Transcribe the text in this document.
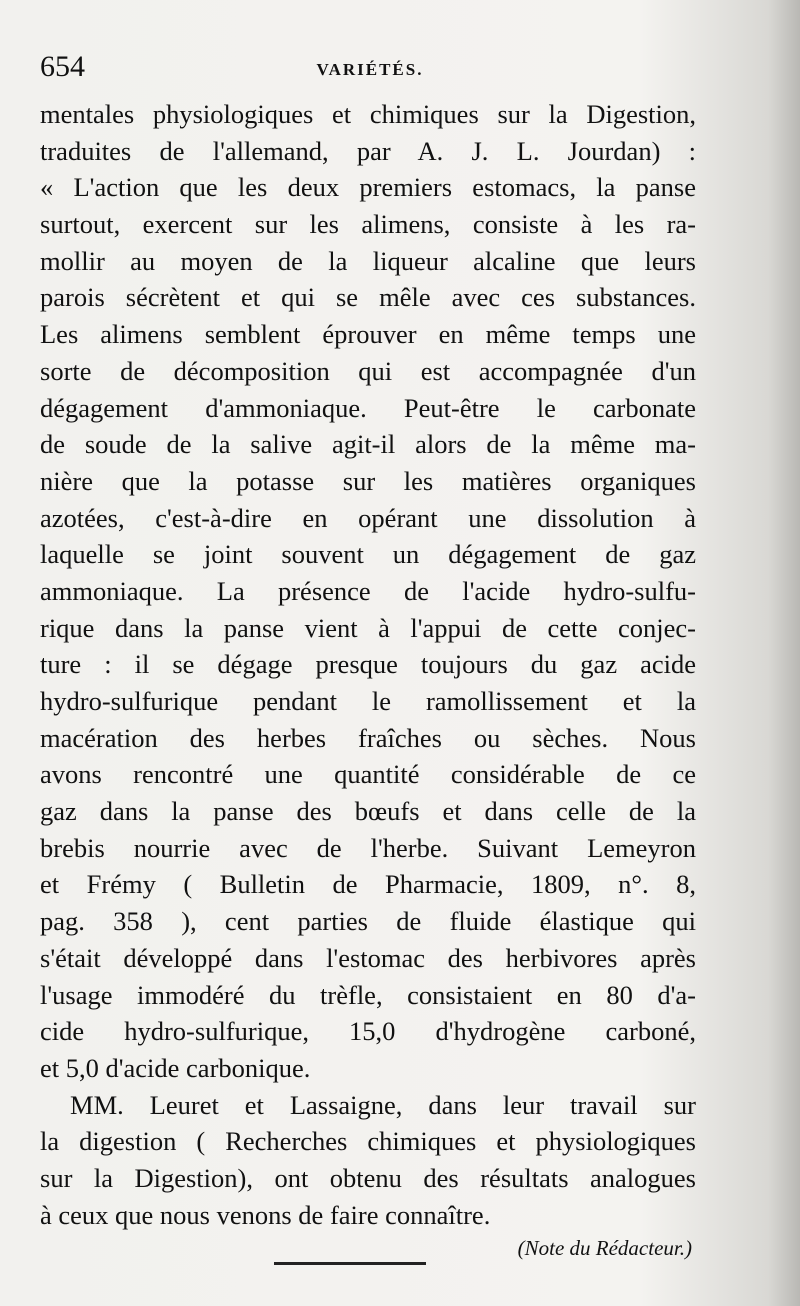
654	VARIÉTÉS.
mentales physiologiques et chimiques sur la Digestion,
traduites de l'allemand, par A. J. L. Jourdan) :
« L'action que les deux premiers estomacs, la panse
surtout, exercent sur les alimens, consiste à les ra-
mollir au moyen de la liqueur alcaline que leurs
parois sécrètent et qui se mêle avec ces substances.
Les alimens semblent éprouver en même temps une
sorte de décomposition qui est accompagnée d'un
dégagement d'ammoniaque. Peut-être le carbonate
de soude de la salive agit-il alors de la même ma-
nière que la potasse sur les matières organiques
azotées, c'est-à-dire en opérant une dissolution à
laquelle se joint souvent un dégagement de gaz
ammoniaque. La présence de l'acide hydro-sulfu-
rique dans la panse vient à l'appui de cette conjec-
ture : il se dégage presque toujours du gaz acide
hydro-sulfurique pendant le ramollissement et la
macération des herbes fraîches ou sèches. Nous
avons rencontré une quantité considérable de ce
gaz dans la panse des bœufs et dans celle de la
brebis nourrie avec de l'herbe. Suivant Lemeyron
et Frémy ( Bulletin de Pharmacie, 1809, n°. 8,
pag. 358 ), cent parties de fluide élastique qui
s'était développé dans l'estomac des herbivores après
l'usage immodéré du trèfle, consistaient en 80 d'a-
cide hydro-sulfurique, 15,0 d'hydrogène carboné,
et 5,0 d'acide carbonique.
MM. Leuret et Lassaigne, dans leur travail sur
la digestion ( Recherches chimiques et physiologiques
sur la Digestion), ont obtenu des résultats analogues
à ceux que nous venons de faire connaître.
(Note du Rédacteur.)
